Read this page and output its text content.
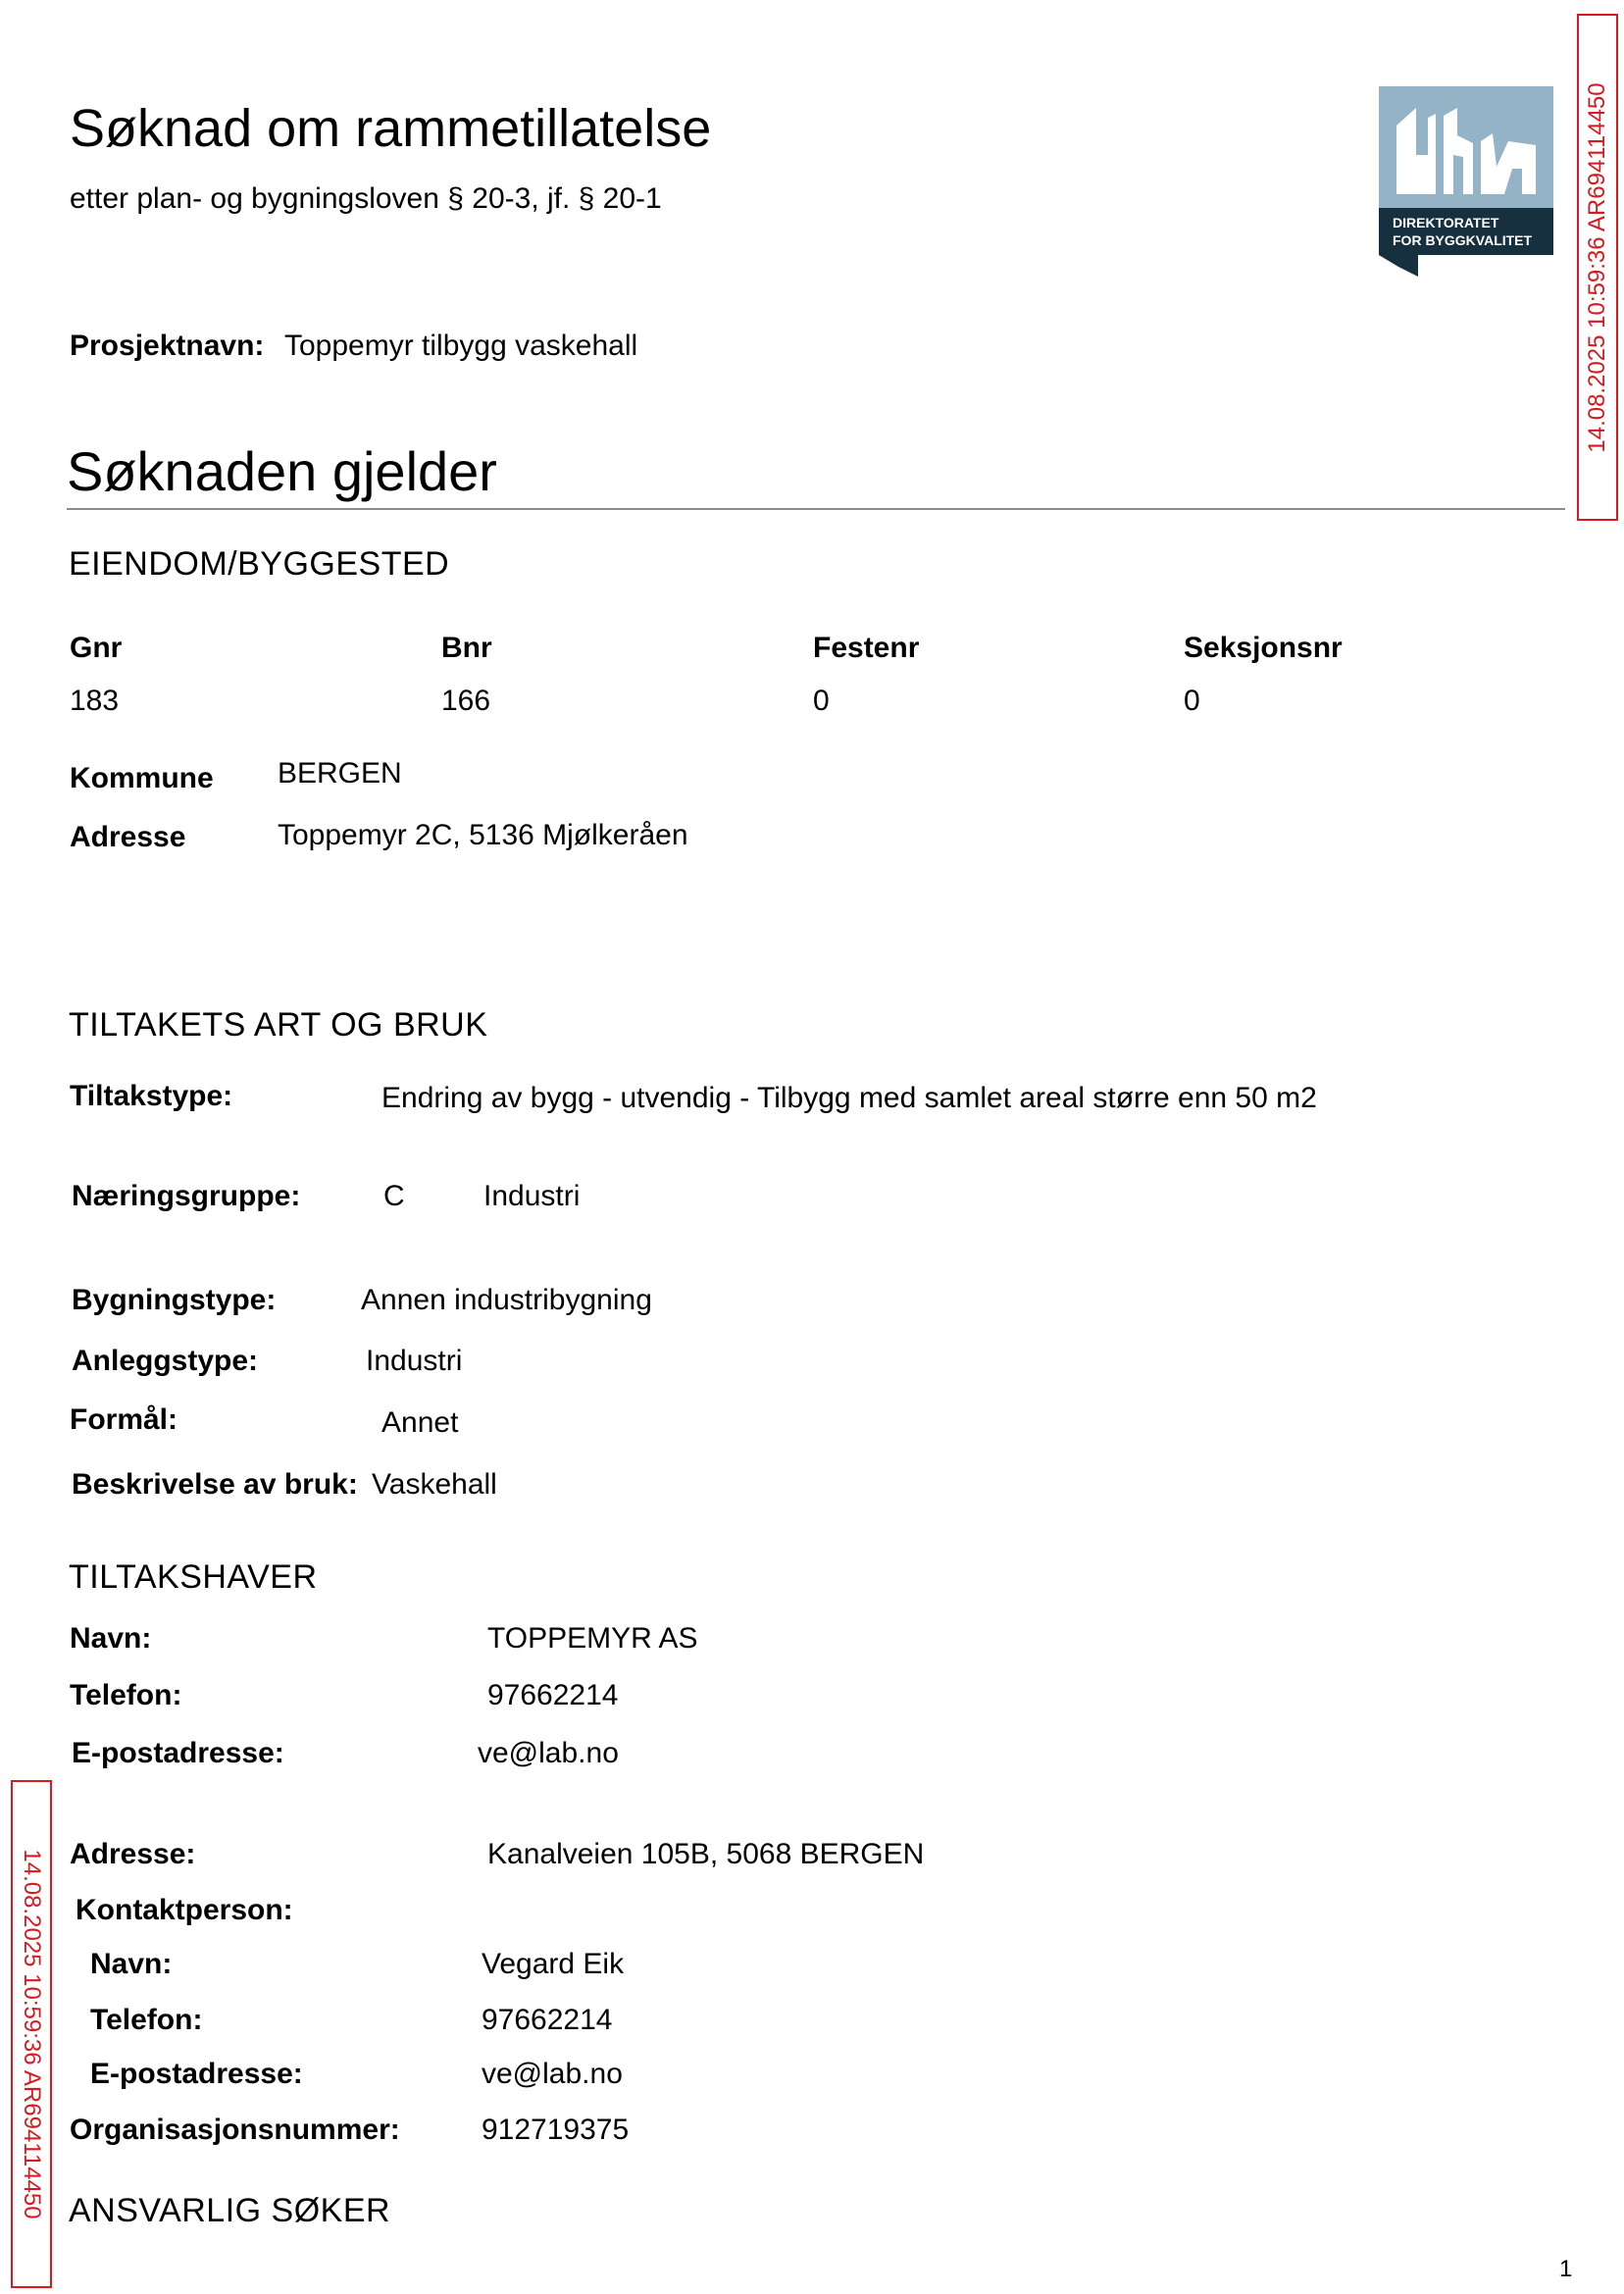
Søknad om rammetillatelse
etter plan- og bygningsloven § 20-3, jf. § 20-1
DIREKTORATET
FOR BYGGKVALITET 14.08.2025 10:59:36 AR694114450
14.08.2025 10:59:36 AR694114450
Prosjektnavn: Toppemyr tilbygg vaskehall
Søknaden gjelder
EIENDOM/BYGGESTED
Gnr	Bnr	Festenr	Seksjonsnr
183	166	0	0
Kommune BERGEN
Adresse	Toppemyr 2C, 5136 Mjølkeråen
TILTAKETS ART OG BRUK
Tiltakstype:	Endring av bygg - utvendig - Tilbygg med samlet areal større enn 50 m2
Næringsgruppe:	C	Industri
Bygningstype:	Annen industribygning
Anleggstype:	Industri
Formål:	Annet
Beskrivelse av bruk: Vaskehall
TILTAKSHAVER
Navn:	TOPPEMYR AS
Telefon:	97662214
E-postadresse:	ve@lab.no
Adresse:	Kanalveien 105B, 5068 BERGEN
Kontaktperson:
Navn:	Vegard Eik
Telefon:	97662214
E-postadresse:	ve@lab.no
Organisasjonsnummer:	912719375
ANSVARLIG SØKER
1
